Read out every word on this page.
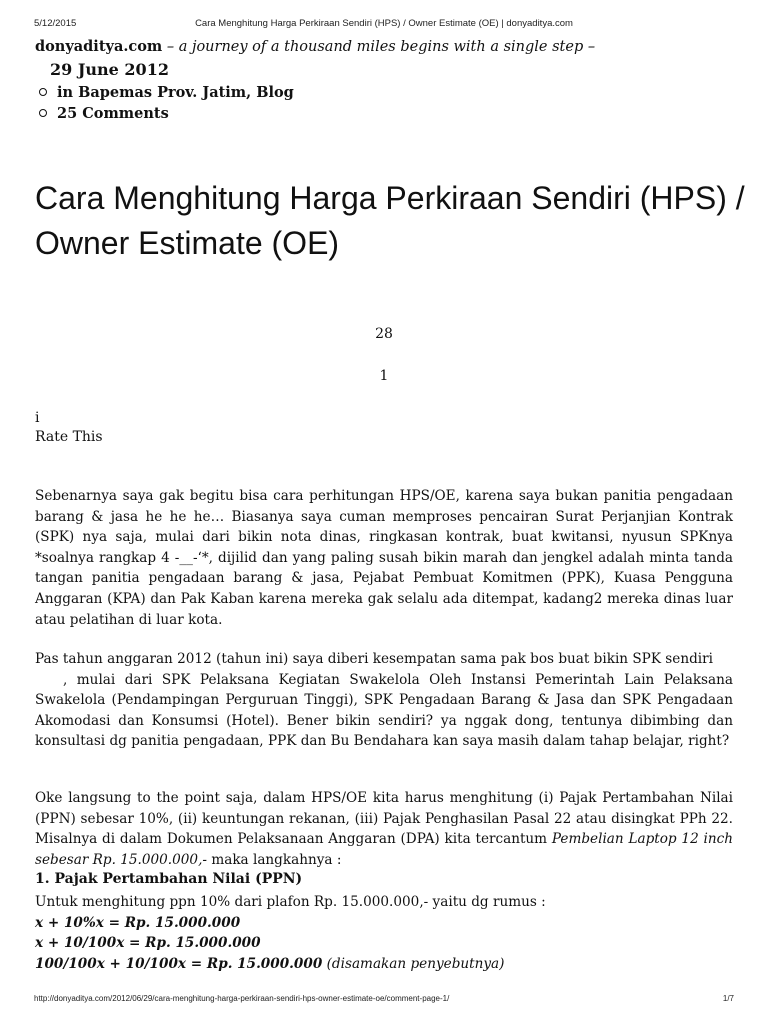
5/12/2015	Cara Menghitung Harga Perkiraan Sendiri (HPS) / Owner Estimate (OE) | donyaditya.com
donyaditya.com – a journey of a thousand miles begins with a single step –
29 June 2012
in Bapemas Prov. Jatim, Blog
25 Comments
Cara Menghitung Harga Perkiraan Sendiri (HPS) / Owner Estimate (OE)
28
1
i
Rate This

Sebenarnya saya gak begitu bisa cara perhitungan HPS/OE, karena saya bukan panitia pengadaan barang & jasa he he he… Biasanya saya cuman memproses pencairan Surat Perjanjian Kontrak (SPK) nya saja, mulai dari bikin nota dinas, ringkasan kontrak, buat kwitansi, nyusun SPKnya *soalnya rangkap 4 -__-‘*, dijilid dan yang paling susah bikin marah dan jengkel adalah minta tanda tangan panitia pengadaan barang & jasa, Pejabat Pembuat Komitmen (PPK), Kuasa Pengguna Anggaran (KPA) dan Pak Kaban karena mereka gak selalu ada ditempat, kadang2 mereka dinas luar atau pelatihan di luar kota.

Pas tahun anggaran 2012 (tahun ini) saya diberi kesempatan sama pak bos buat bikin SPK sendiri
, mulai dari SPK Pelaksana Kegiatan Swakelola Oleh Instansi Pemerintah Lain Pelaksana Swakelola (Pendampingan Perguruan Tinggi), SPK Pengadaan Barang & Jasa dan SPK Pengadaan Akomodasi dan Konsumsi (Hotel). Bener bikin sendiri? ya nggak dong, tentunya dibimbing dan konsultasi dg panitia pengadaan, PPK dan Bu Bendahara kan saya masih dalam tahap belajar, right?

Oke langsung to the point saja, dalam HPS/OE kita harus menghitung (i) Pajak Pertambahan Nilai (PPN) sebesar 10%, (ii) keuntungan rekanan, (iii) Pajak Penghasilan Pasal 22 atau disingkat PPh 22. Misalnya di dalam Dokumen Pelaksanaan Anggaran (DPA) kita tercantum Pembelian Laptop 12 inch sebesar Rp. 15.000.000,- maka langkahnya :

1. Pajak Pertambahan Nilai (PPN)
Untuk menghitung ppn 10% dari plafon Rp. 15.000.000,- yaitu dg rumus :
x + 10%x = Rp. 15.000.000
x + 10/100x = Rp. 15.000.000
100/100x + 10/100x = Rp. 15.000.000 (disamakan penyebutnya)
http://donyaditya.com/2012/06/29/cara-menghitung-harga-perkiraan-sendiri-hps-owner-estimate-oe/comment-page-1/	1/7
